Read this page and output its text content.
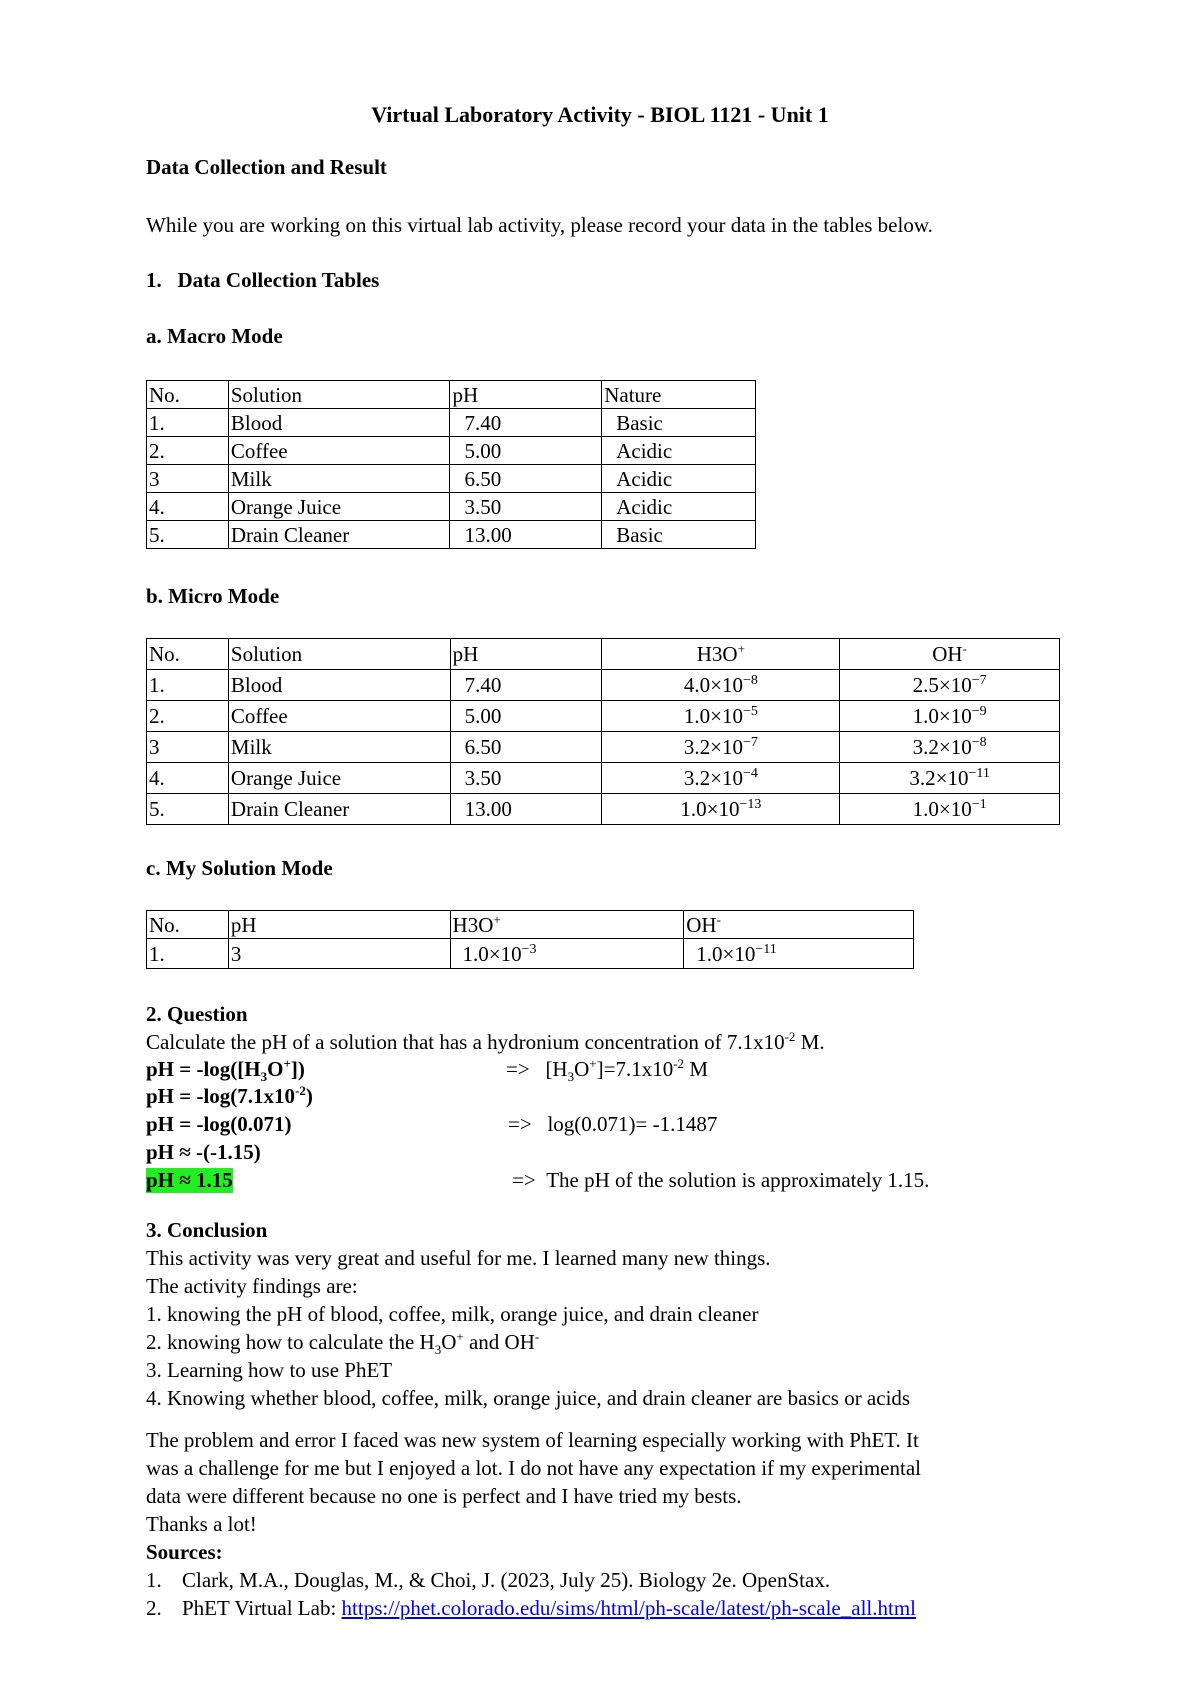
Virtual Laboratory Activity - BIOL 1121 - Unit 1
Data Collection and Result
While you are working on this virtual lab activity, please record your data in the tables below.
1.   Data Collection Tables
a. Macro Mode
No.	Solution	pH	Nature
1.	Blood	7.40	Basic
2.	Coffee	5.00	Acidic
3	Milk	6.50	Acidic
4.	Orange Juice	3.50	Acidic
5.	Drain Cleaner	13.00	Basic
b. Micro Mode
No.	Solution	pH	H3O+	OH-
1.	Blood	7.40	$4.0\times 10^{-8}$	$2.5\times 10^{-7}$
2.	Coffee	5.00	$1.0\times 10^{-5}$	$1.0\times 10^{-9}$
3	Milk	6.50	$3.2\times 10^{-7}$	$3.2\times 10^{-8}$
4.	Orange Juice	3.50	$3.2\times 10^{-4}$	$3.2\times 10^{-11}$
5.	Drain Cleaner	13.00	$1.0\times 10^{-13}$	$1.0\times 10^{-1}$
c. My Solution Mode
No.	pH	H3O+	OH-
1.	3	$1.0\times 10^{-3}$	$1.0\times 10^{-11}$
2. Question
Calculate the pH of a solution that has a hydronium concentration of $7.1x10^{-2}$ M.
pH = $-\log([H_3O^+])$	=> $[H_3O^+]=7.1x10^{-2}$ M
pH = $-\log(7.1x10^{-2})$
pH = -log(0.071)	=> log(0.071)= -1.1487
pH ≈ -(-1.15)
pH ≈ 1.15	=> The pH of the solution is approximately 1.15.
3. Conclusion
This activity was very great and useful for me. I learned many new things.
The activity findings are:
1. knowing the pH of blood, coffee, milk, orange juice, and drain cleaner
2. knowing how to calculate the $H_3O^+$ and OH-
3. Learning how to use PhET
4. Knowing whether blood, coffee, milk, orange juice, and drain cleaner are basics or acids
The problem and error I faced was new system of learning especially working with PhET. It
was a challenge for me but I enjoyed a lot. I do not have any expectation if my experimental
data were different because no one is perfect and I have tried my bests.
Thanks a lot!
Sources:
1. Clark, M.A., Douglas, M., & Choi, J. (2023, July 25). Biology 2e. OpenStax.
2. PhET Virtual Lab: https://phet.colorado.edu/sims/html/ph-scale/latest/ph-scale_all.html
